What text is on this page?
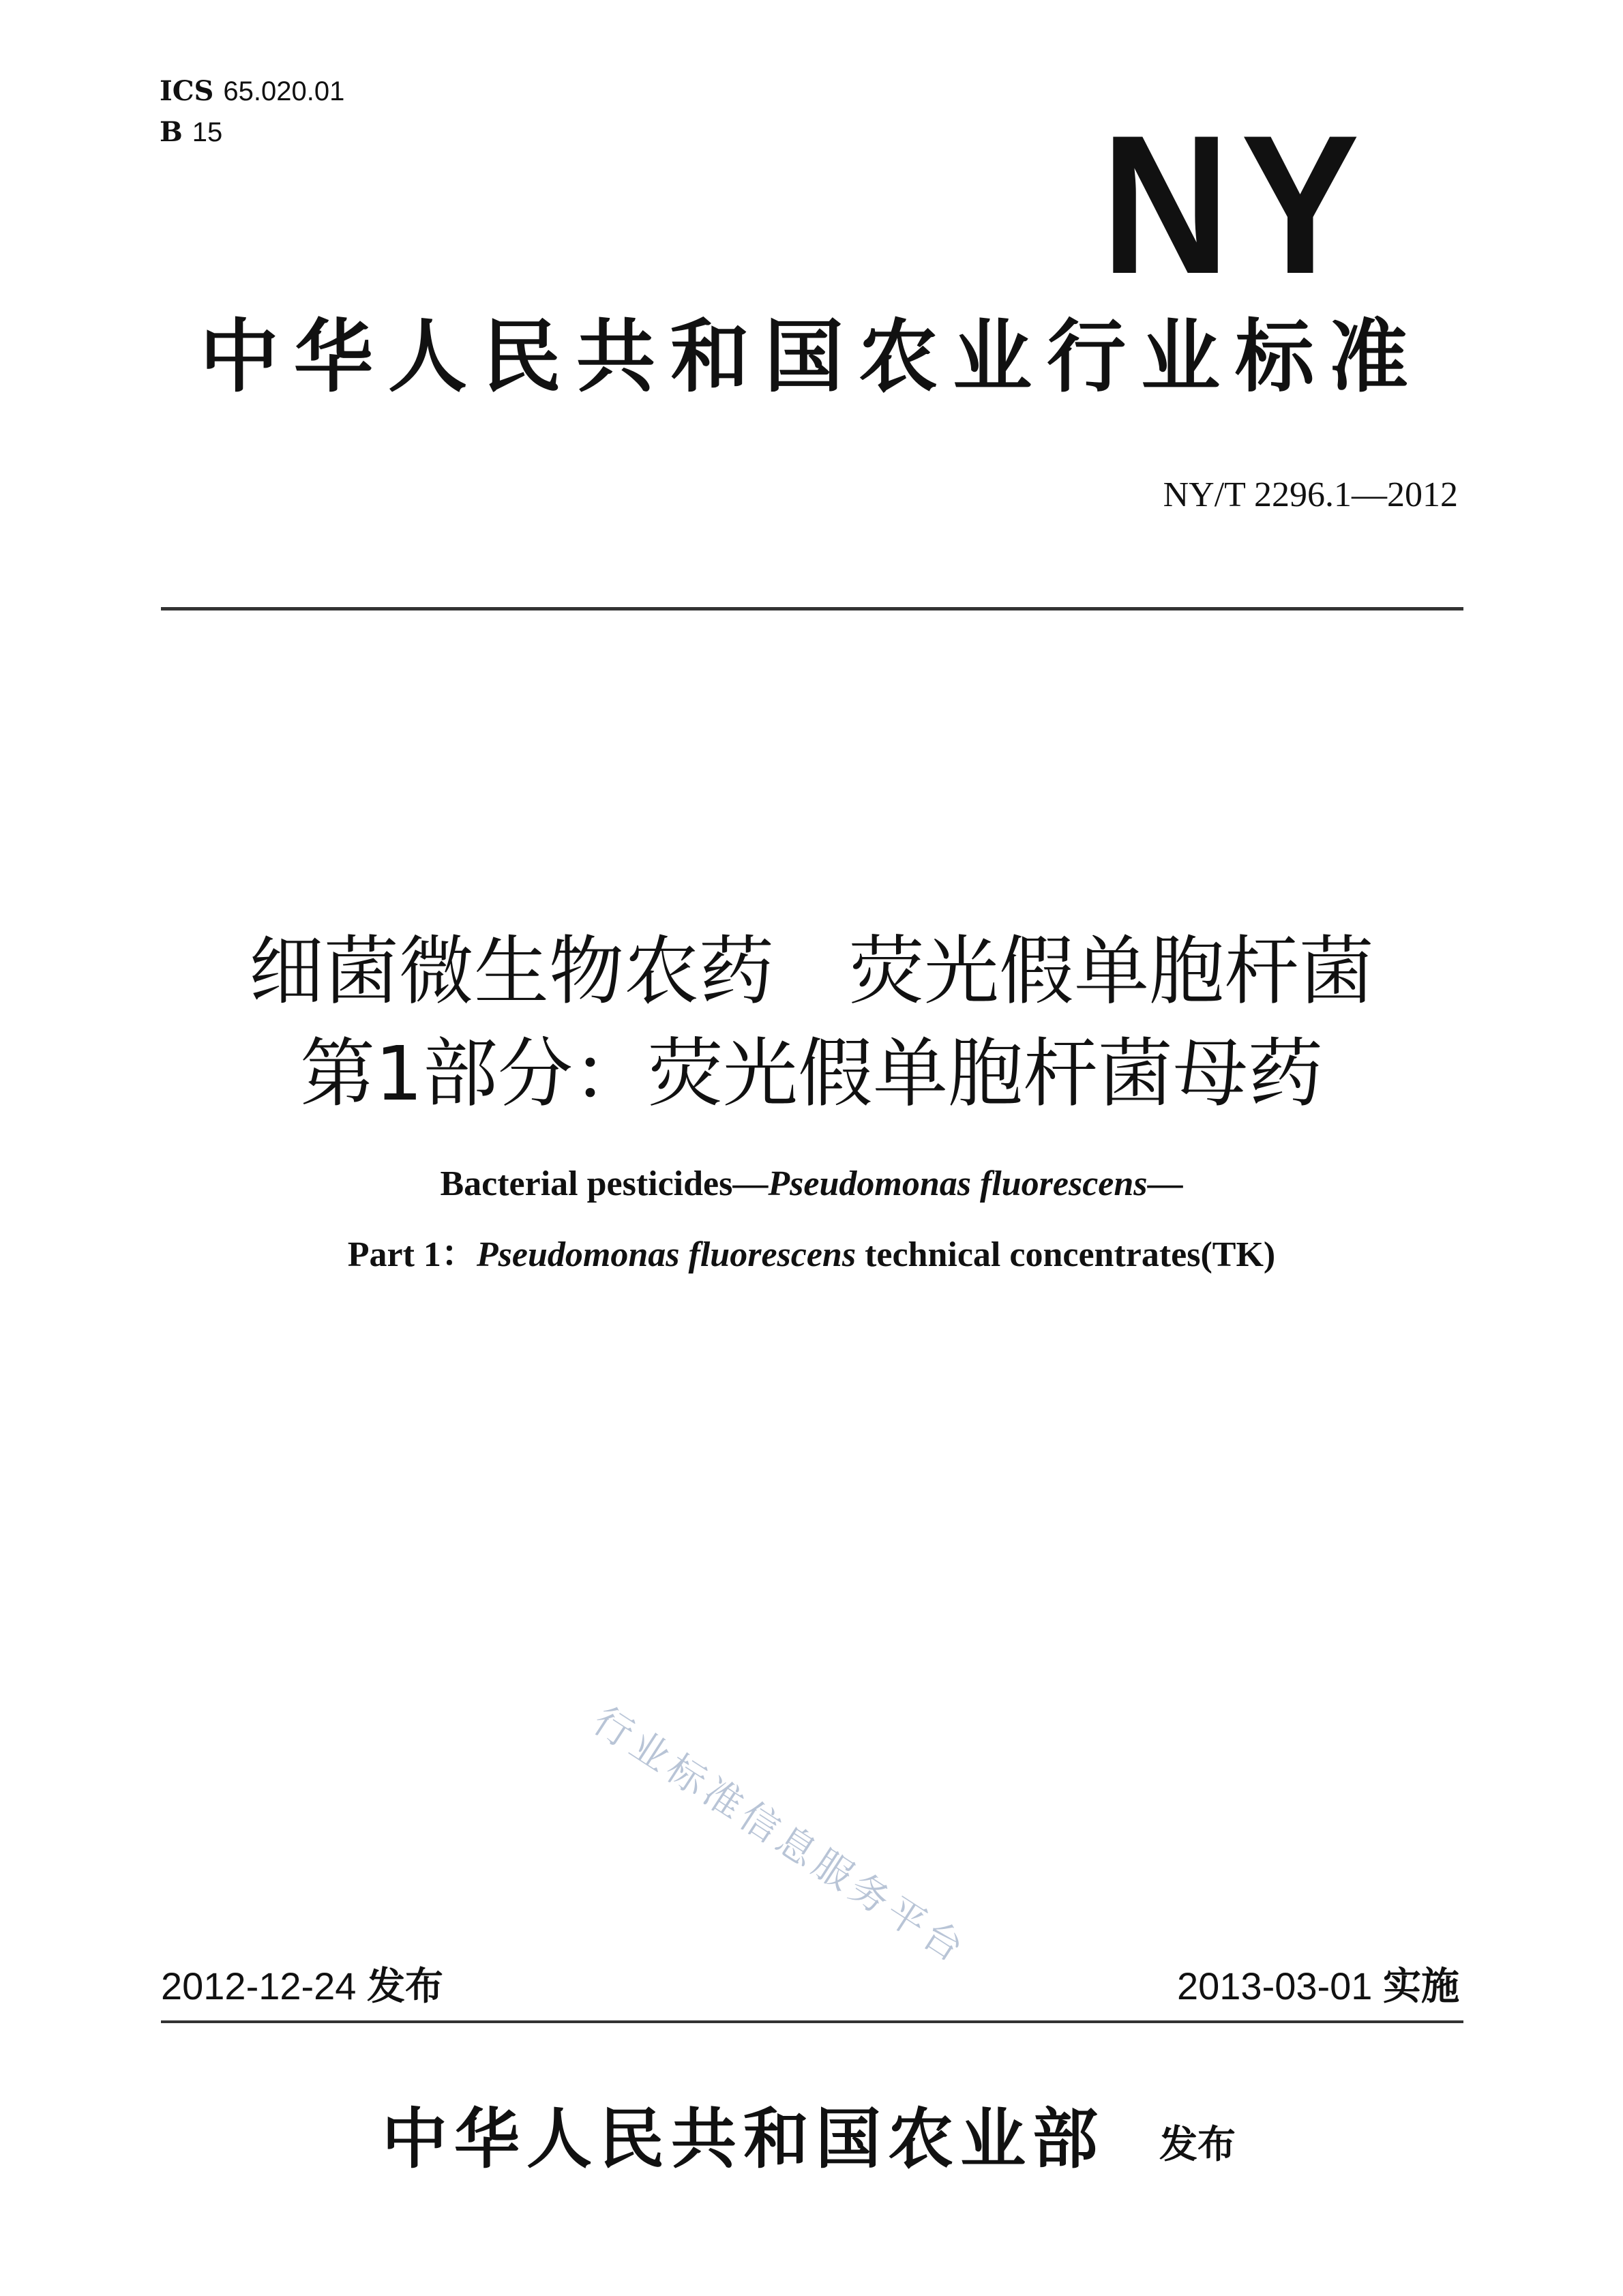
ICS 65.020.01
B 15	NY
中华人民共和国农业行业标准
NY/T 2296.1—2012
细菌微生物农药　荧光假单胞杆菌
第1部分：荧光假单胞杆菌母药
Bacterial pesticides—Pseudomonas fluorescens—
Part 1：Pseudomonas fluorescens technical concentrates(TK)
行业标准信息服务平台
2012-12-24 发布	2013-03-01 实施
中华人民共和国农业部 发布
